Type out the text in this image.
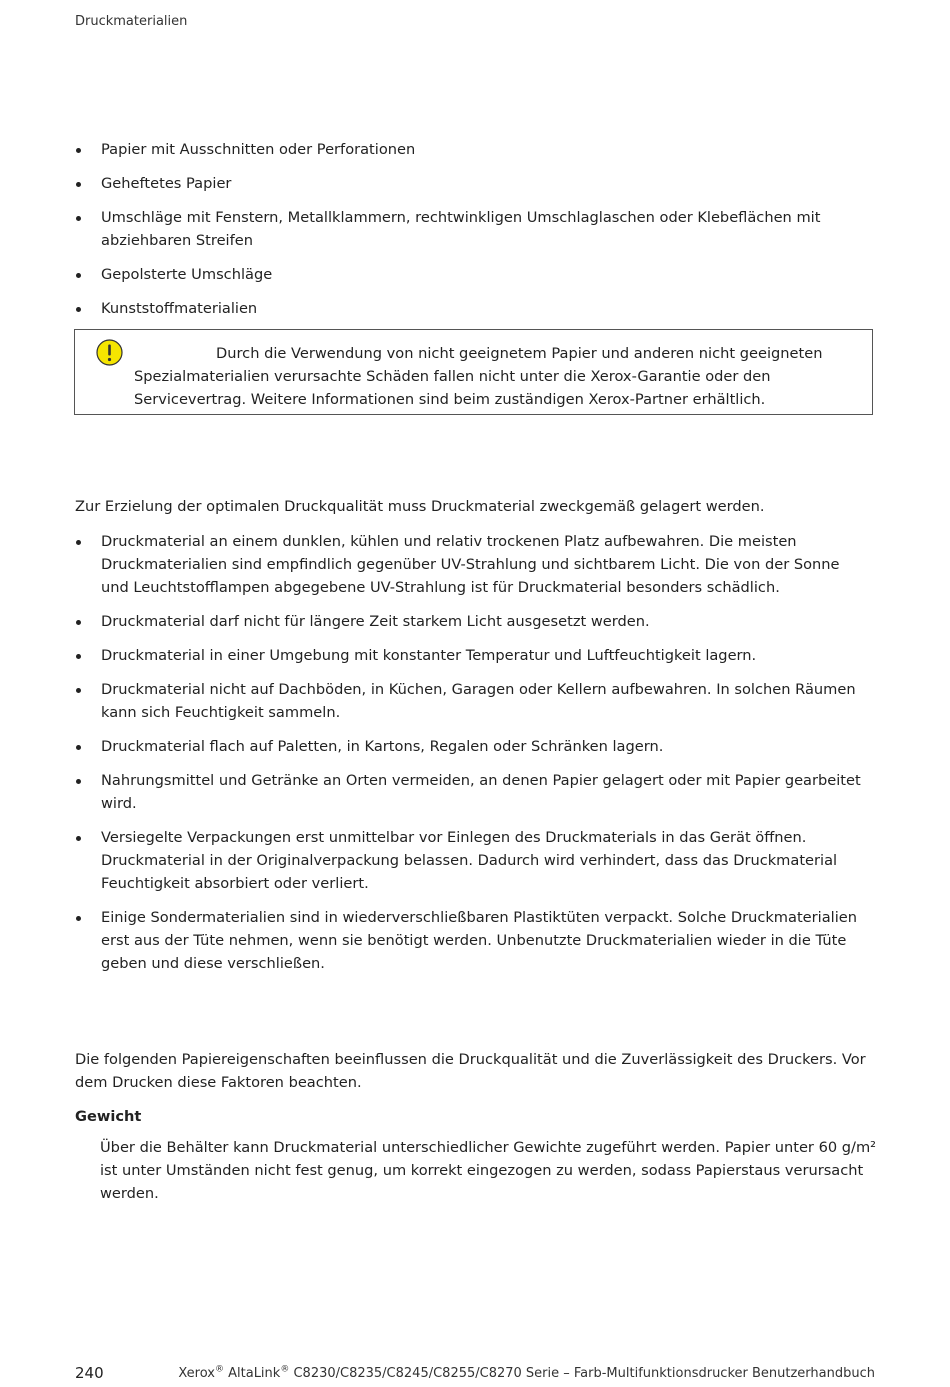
Druckmaterialien
Papier mit Ausschnitten oder Perforationen
Geheftetes Papier
Umschläge mit Fenstern, Metallklammern, rechtwinkligen Umschlaglaschen oder Klebeflächen mit abziehbaren Streifen
Gepolsterte Umschläge
Kunststoffmaterialien
Durch die Verwendung von nicht geeignetem Papier und anderen nicht geeigneten Spezialmaterialien verursachte Schäden fallen nicht unter die Xerox-Garantie oder den Servicevertrag. Weitere Informationen sind beim zuständigen Xerox-Partner erhältlich.
Zur Erzielung der optimalen Druckqualität muss Druckmaterial zweckgemäß gelagert werden.
Druckmaterial an einem dunklen, kühlen und relativ trockenen Platz aufbewahren. Die meisten Druckmaterialien sind empfindlich gegenüber UV-Strahlung und sichtbarem Licht. Die von der Sonne und Leuchtstofflampen abgegebene UV-Strahlung ist für Druckmaterial besonders schädlich.
Druckmaterial darf nicht für längere Zeit starkem Licht ausgesetzt werden.
Druckmaterial in einer Umgebung mit konstanter Temperatur und Luftfeuchtigkeit lagern.
Druckmaterial nicht auf Dachböden, in Küchen, Garagen oder Kellern aufbewahren. In solchen Räumen kann sich Feuchtigkeit sammeln.
Druckmaterial flach auf Paletten, in Kartons, Regalen oder Schränken lagern.
Nahrungsmittel und Getränke an Orten vermeiden, an denen Papier gelagert oder mit Papier gearbeitet wird.
Versiegelte Verpackungen erst unmittelbar vor Einlegen des Druckmaterials in das Gerät öffnen. Druckmaterial in der Originalverpackung belassen. Dadurch wird verhindert, dass das Druckmaterial Feuchtigkeit absorbiert oder verliert.
Einige Sondermaterialien sind in wiederverschließbaren Plastiktüten verpackt. Solche Druckmaterialien erst aus der Tüte nehmen, wenn sie benötigt werden. Unbenutzte Druckmaterialien wieder in die Tüte geben und diese verschließen.
Die folgenden Papiereigenschaften beeinflussen die Druckqualität und die Zuverlässigkeit des Druckers. Vor dem Drucken diese Faktoren beachten.
Gewicht
Über die Behälter kann Druckmaterial unterschiedlicher Gewichte zugeführt werden. Papier unter 60 g/m² ist unter Umständen nicht fest genug, um korrekt eingezogen zu werden, sodass Papierstaus verursacht werden.
240	Xerox® AltaLink® C8230/C8235/C8245/C8255/C8270 Serie – Farb-Multifunktionsdrucker Benutzerhandbuch
